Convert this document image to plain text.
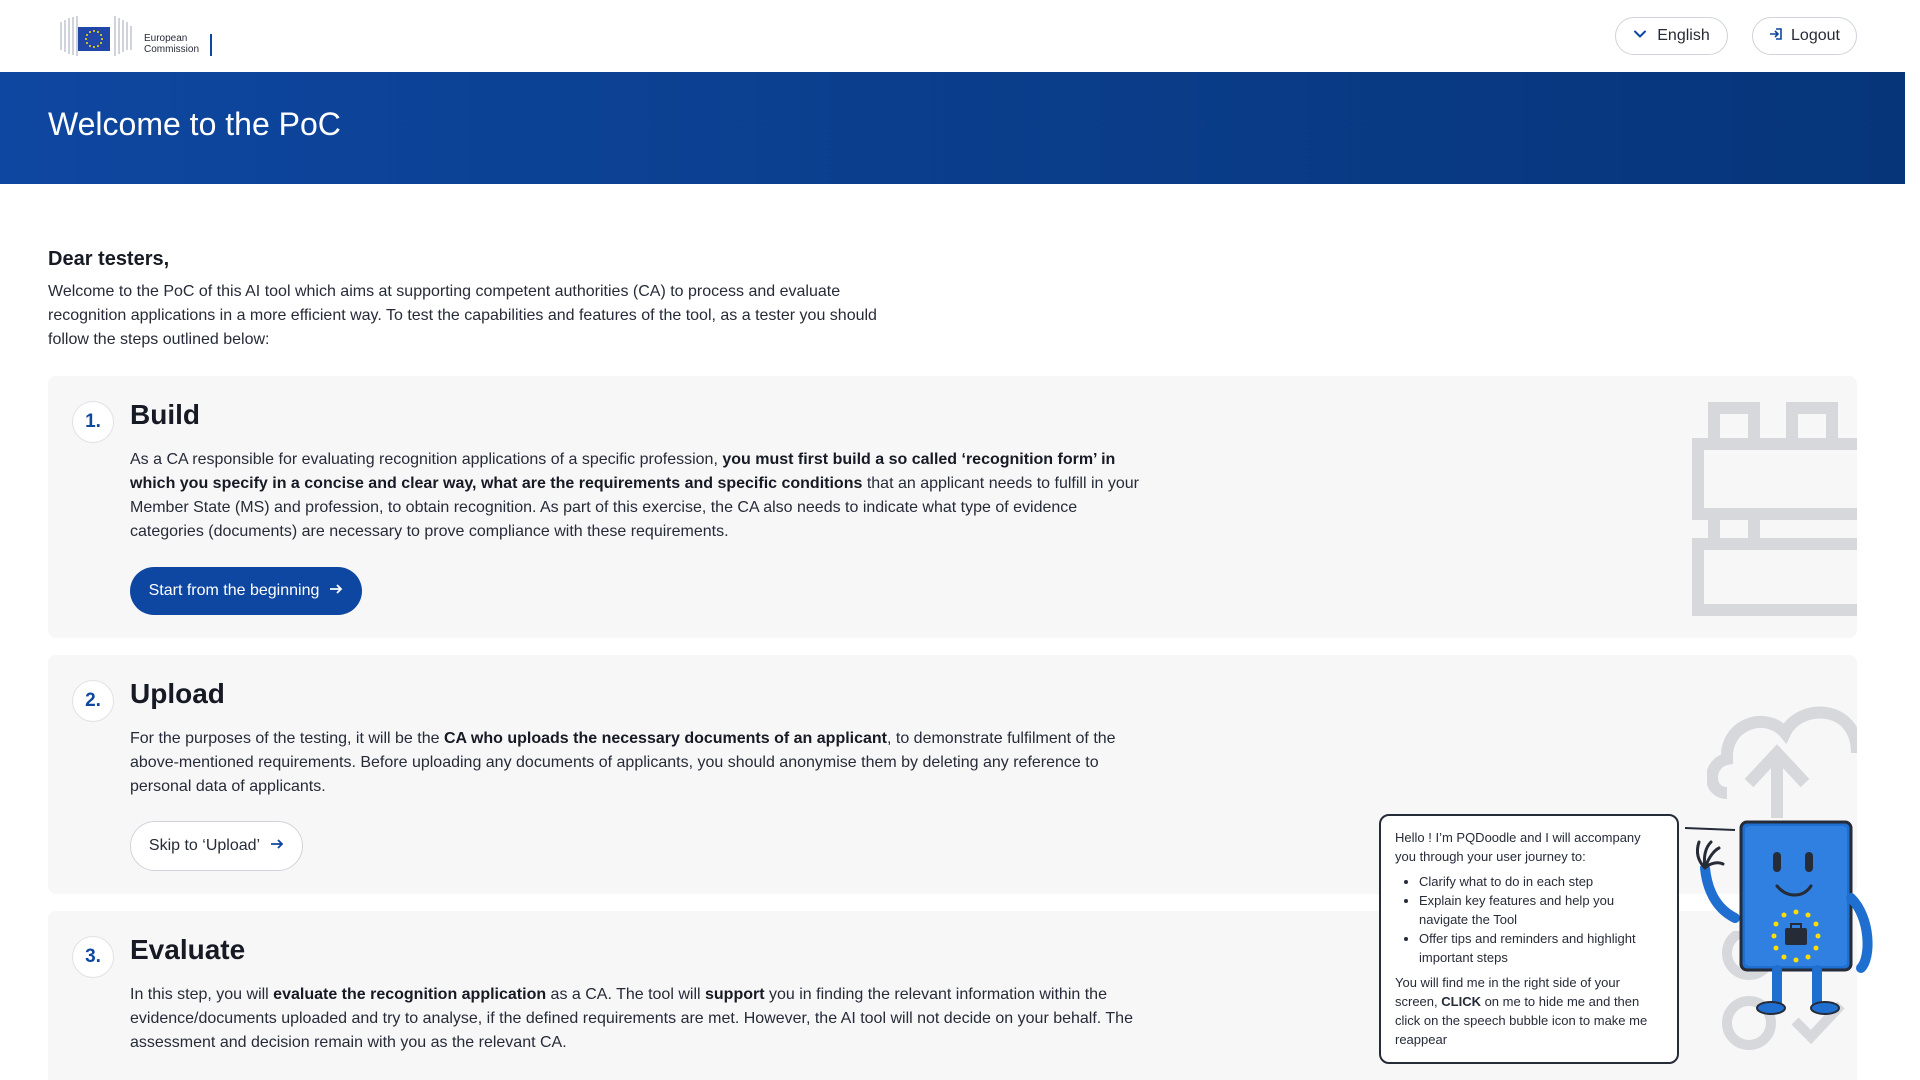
European
Commission
English	Logout
Welcome to the PoC
Dear testers,
Welcome to the PoC of this AI tool which aims at supporting competent authorities (CA) to process and evaluate recognition applications in a more efficient way. To test the capabilities and features of the tool, as a tester you should follow the steps outlined below:
1.	Build
As a CA responsible for evaluating recognition applications of a specific profession, you must first build a so called ‘recognition form’ in which you specify in a concise and clear way, what are the requirements and specific conditions that an applicant needs to fulfill in your Member State (MS) and profession, to obtain recognition. As part of this exercise, the CA also needs to indicate what type of evidence categories (documents) are necessary to prove compliance with these requirements.
Start from the beginning
2.	Upload
For the purposes of the testing, it will be the CA who uploads the necessary documents of an applicant, to demonstrate fulfilment of the above-mentioned requirements. Before uploading any documents of applicants, you should anonymise them by deleting any reference to personal data of applicants.
Skip to ‘Upload’
3.	Evaluate
In this step, you will evaluate the recognition application as a CA. The tool will support you in finding the relevant information within the evidence/documents uploaded and try to analyse, if the defined requirements are met. However, the AI tool will not decide on your behalf. The assessment and decision remain with you as the relevant CA.

Hello ! I’m PQDoodle and I will accompany you through your user journey to:

• Clarify what to do in each step
• Explain key features and help you navigate the Tool
• Offer tips and reminders and highlight important steps

You will find me in the right side of your screen, CLICK on me to hide me and then click on the speech bubble icon to make me reappear
